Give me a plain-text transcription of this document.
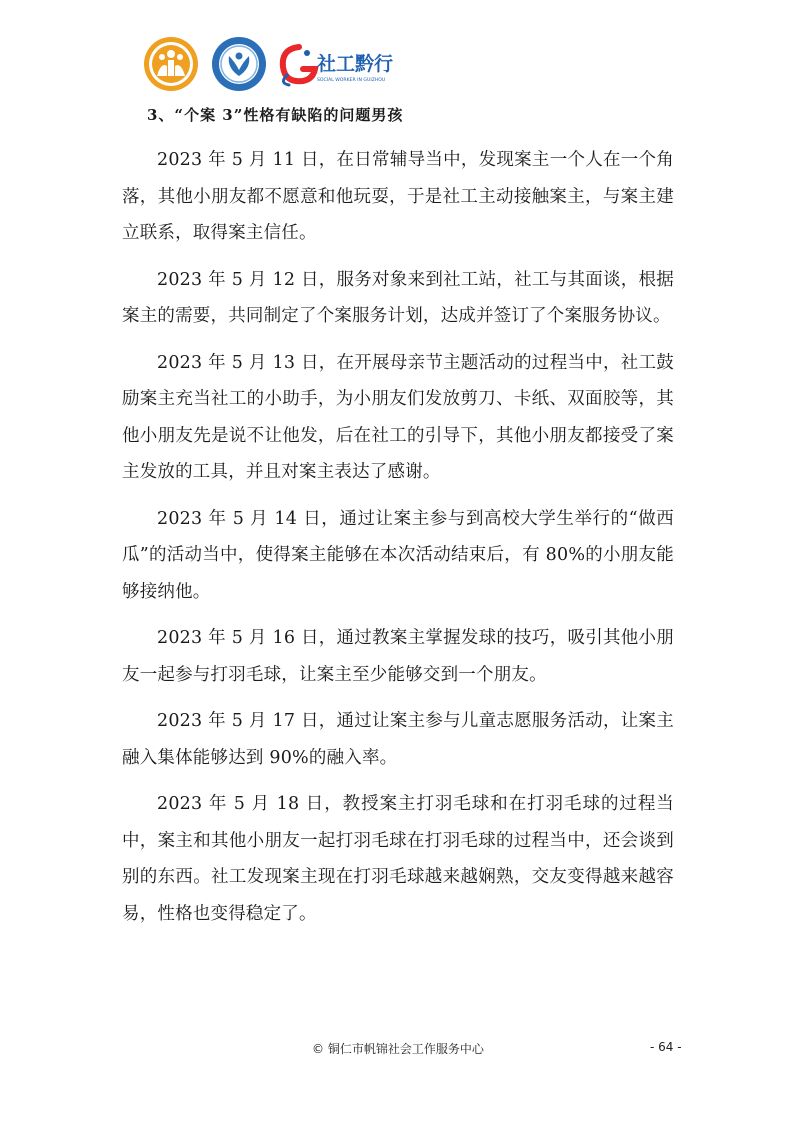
社工黔行
SOCIAL WORKER IN GUIZHOU
3、“个案 3”性格有缺陷的问题男孩

2023 年 5 月 11 日，在日常辅导当中，发现案主一个人在一个角落，其他小朋友都不愿意和他玩耍，于是社工主动接触案主，与案主建立联系，取得案主信任。

2023 年 5 月 12 日，服务对象来到社工站，社工与其面谈，根据案主的需要，共同制定了个案服务计划，达成并签订了个案服务协议。

2023 年 5 月 13 日，在开展母亲节主题活动的过程当中，社工鼓励案主充当社工的小助手，为小朋友们发放剪刀、卡纸、双面胶等，其他小朋友先是说不让他发，后在社工的引导下，其他小朋友都接受了案主发放的工具，并且对案主表达了感谢。

2023 年 5 月 14 日，通过让案主参与到高校大学生举行的“做西瓜”的活动当中，使得案主能够在本次活动结束后，有 80%的小朋友能够接纳他。

2023 年 5 月 16 日，通过教案主掌握发球的技巧，吸引其他小朋友一起参与打羽毛球，让案主至少能够交到一个朋友。

2023 年 5 月 17 日，通过让案主参与儿童志愿服务活动，让案主融入集体能够达到 90%的融入率。

2023 年 5 月 18 日，教授案主打羽毛球和在打羽毛球的过程当中，案主和其他小朋友一起打羽毛球在打羽毛球的过程当中，还会谈到别的东西。社工发现案主现在打羽毛球越来越娴熟，交友变得越来越容易，性格也变得稳定了。

© 铜仁市帆锦社会工作服务中心	- 64 -
